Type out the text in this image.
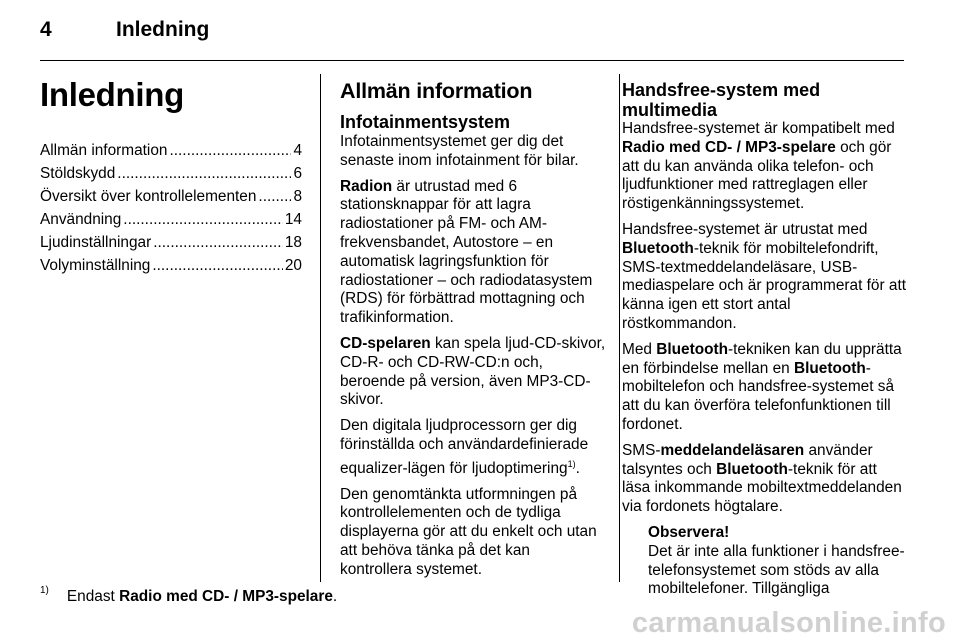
4	Inledning
Inledning
Allmän information .....	4
Stöldskydd .....	6
Översikt över kontrollelementen ..... 8
Användning .....	14
Ljudinställningar .....	18
Volyminställning .....	20
Allmän information
Infotainmentsystem

Infotainmentsystemet ger dig det senaste inom infotainment för bilar.

Radion är utrustad med 6 stationsknappar för att lagra radiostationer på FM- och AM-frekvensbandet, Autostore – en automatisk lagringsfunktion för radiostationer – och radiodatasystem (RDS) för förbättrad mottagning och trafikinformation.

CD-spelaren kan spela ljud-CD-skivor, CD-R- och CD-RW-CD:n och, beroende på version, även MP3-CD-skivor.

Den digitala ljudprocessorn ger dig förinställda och användardefinierade equalizer-lägen för ljudoptimering$^{1)}$.

Den genomtänkta utformningen på kontrollelementen och de tydliga displayerna gör att du enkelt och utan att behöva tänka på det kan kontrollera systemet.

Handsfree-system med multimedia

Handsfree-systemet är kompatibelt med Radio med CD- / MP3-spelare och gör att du kan använda olika telefon- och ljudfunktioner med rattreglagen eller röstigenkänningssystemet.

Handsfree-systemet är utrustat med Bluetooth-teknik för mobiltelefondrift, SMS-textmeddelandeläsare, USB-mediaspelare och är programmerat för att känna igen ett stort antal röstkommandon.

Med Bluetooth-tekniken kan du upprätta en förbindelse mellan en Bluetooth-mobiltelefon och handsfree-systemet så att du kan överföra telefonfunktionen till fordonet.

SMS-meddelandeläsaren använder talsyntes och Bluetooth-teknik för att läsa inkommande mobiltextmeddelanden via fordonets högtalare.

Observera!
Det är inte alla funktioner i handsfree-telefonsystemet som stöds av alla mobiltelefoner. Tillgängliga
$^{1)}$ Endast Radio med CD- / MP3-spelare.
carmanualsonline.info
